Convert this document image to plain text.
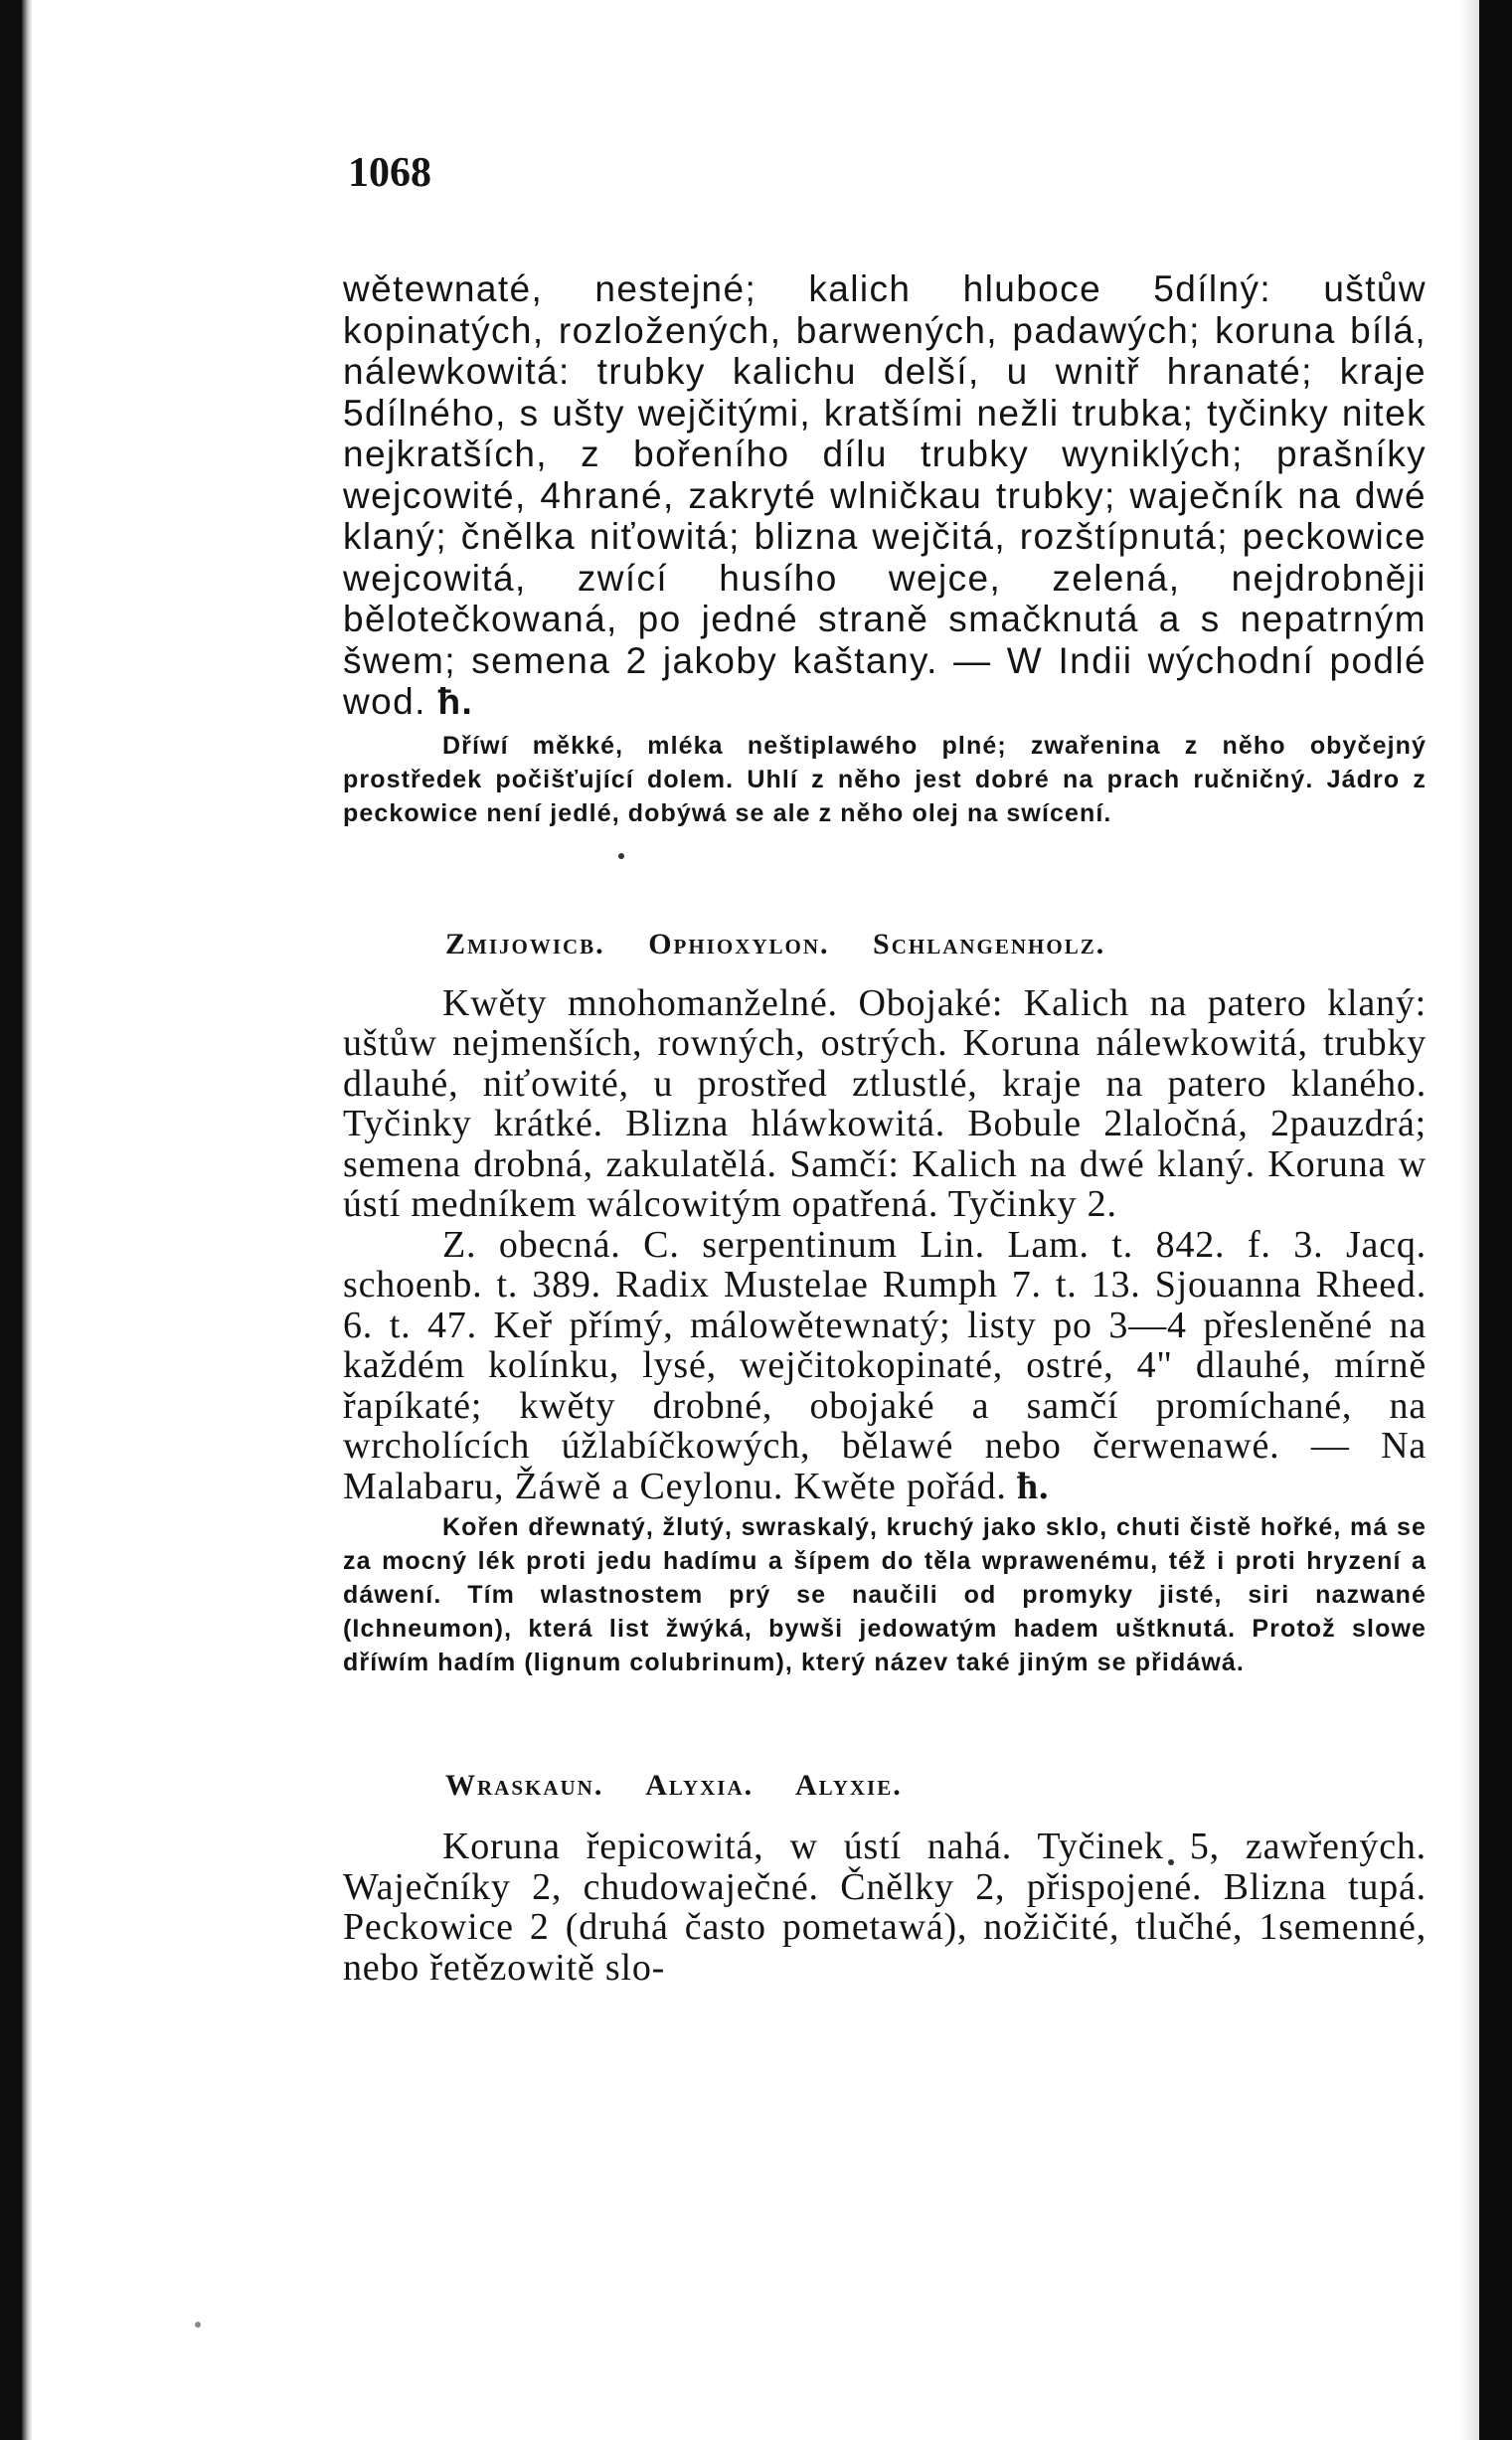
1068

wětewnaté, nestejné; kalich hluboce 5dílný: uštůw kopinatých, rozložených, barwených, padawých; koruna bílá, nálewkowitá: trubky kalichu delší, u wnitř hranaté; kraje 5dílného, s ušty wejčitými, kratšími nežli trubka; tyčinky nitek nejkratších, z bořeního dílu trubky wyniklých; prašníky wejcowité, 4hrané, zakryté wlničkau trubky; waječník na dwé klaný; čnělka niťowitá; blizna wejčitá, rozštípnutá; peckowice wejcowitá, zwící husího wejce, zelená, nejdrobněji bělotečkowaná, po jedné straně smačknutá a s nepatrným šwem; semena 2 jakoby kaštany. — W Indii wýchodní podlé wod. ħ.

Dříwí měkké, mléka neštiplawého plné; zwařenina z něho obyčejný prostředek počišťující dolem. Uhlí z něho jest dobré na prach ručničný. Jádro z peckowice není jedlé, dobýwá se ale z něho olej na swícení.

Zmijowicb. Ophioxylon. Schlangenholz.

Kwěty mnohomanželné. Obojaké: Kalich na patero klaný: uštůw nejmenších, rowných, ostrých. Koruna nálewkowitá, trubky dlauhé, niťowité, u prostřed ztlustlé, kraje na patero klaného. Tyčinky krátké. Blizna hláwkowitá. Bobule 2laločná, 2pauzdrá; semena drobná, zakulatělá. Samčí: Kalich na dwé klaný. Koruna w ústí medníkem wálcowitým opatřená. Tyčinky 2.

Z. obecná. C. serpentinum Lin. Lam. t. 842. f. 3. Jacq. schoenb. t. 389. Radix Mustelae Rumph 7. t. 13. Sjouanna Rheed. 6. t. 47. Keř přímý, málowětewnatý; listy po 3—4 přesleněné na každém kolínku, lysé, wejčitokopinaté, ostré, 4" dlauhé, mírně řapíkaté; kwěty drobné, obojaké a samčí promíchané, na wrcholících úžlabíčkowých, bělawé nebo čerwenawé. — Na Malabaru, Žáwě a Ceylonu. Kwěte pořád. ħ.

Kořen dřewnatý, žlutý, swraskalý, kruchý jako sklo, chuti čistě hořké, má se za mocný lék proti jedu hadímu a šípem do těla wprawenému, též i proti hryzení a dáwení. Tím wlastnostem prý se naučili od promyky jisté, siri nazwané (Ichneumon), která list žwýká, bywši jedowatým hadem uštknutá. Protož slowe dříwím hadím (lignum colubrinum), který název také jiným se přidáwá.

Wraskaun. Alyxia. Alyxie.

Koruna řepicowitá, w ústí nahá. Tyčinek 5, zawřených. Waječníky 2, chudowaječné. Čnělky 2, přispojené. Blizna tupá. Peckowice 2 (druhá často pometawá), nožičité, tlučhé, 1semenné, nebo řetězowitě slo-
